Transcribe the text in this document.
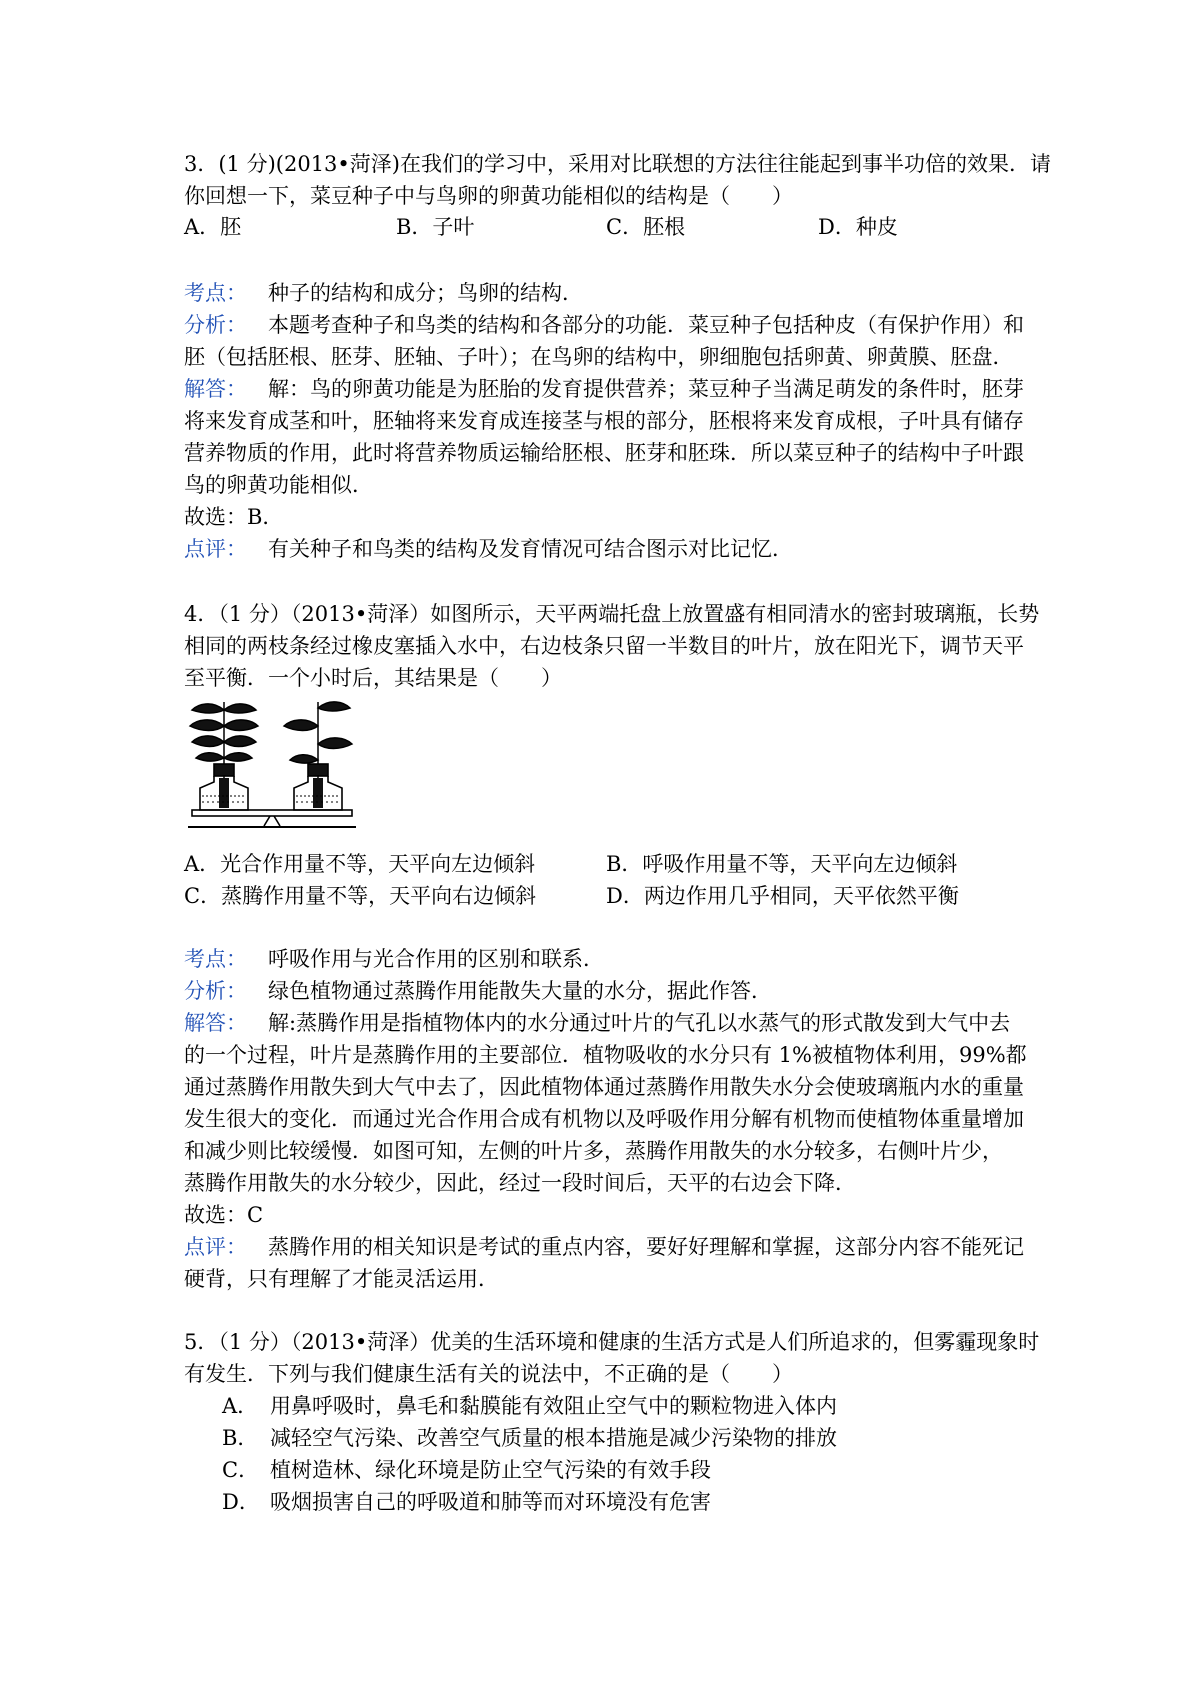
3．(1 分)(2013•菏泽)在我们的学习中，采用对比联想的方法往往能起到事半功倍的效果．请
你回想一下，菜豆种子中与鸟卵的卵黄功能相似的结构是（　　）
A．胚	B．子叶	C．胚根	D．种皮
考点： 种子的结构和成分；鸟卵的结构．
分析： 本题考查种子和鸟类的结构和各部分的功能．菜豆种子包括种皮（有保护作用）和
胚（包括胚根、胚芽、胚轴、子叶）；在鸟卵的结构中，卵细胞包括卵黄、卵黄膜、胚盘．
解答： 解：鸟的卵黄功能是为胚胎的发育提供营养；菜豆种子当满足萌发的条件时，胚芽
将来发育成茎和叶，胚轴将来发育成连接茎与根的部分，胚根将来发育成根，子叶具有储存
营养物质的作用，此时将营养物质运输给胚根、胚芽和胚珠．所以菜豆种子的结构中子叶跟
鸟的卵黄功能相似．
故选：B．
点评： 有关种子和鸟类的结构及发育情况可结合图示对比记忆．
4．（1 分）（2013•菏泽）如图所示，天平两端托盘上放置盛有相同清水的密封玻璃瓶，长势
相同的两枝条经过橡皮塞插入水中，右边枝条只留一半数目的叶片，放在阳光下，调节天平
至平衡．一个小时后，其结果是（　　）
A．光合作用量不等，天平向左边倾斜	B．呼吸作用量不等，天平向左边倾斜
C．蒸腾作用量不等，天平向右边倾斜	D．两边作用几乎相同，天平依然平衡
考点： 呼吸作用与光合作用的区别和联系．
分析： 绿色植物通过蒸腾作用能散失大量的水分，据此作答．
解答： 解:蒸腾作用是指植物体内的水分通过叶片的气孔以水蒸气的形式散发到大气中去
的一个过程，叶片是蒸腾作用的主要部位．植物吸收的水分只有 1%被植物体利用，99%都
通过蒸腾作用散失到大气中去了，因此植物体通过蒸腾作用散失水分会使玻璃瓶内水的重量
发生很大的变化．而通过光合作用合成有机物以及呼吸作用分解有机物而使植物体重量增加
和减少则比较缓慢．如图可知，左侧的叶片多，蒸腾作用散失的水分较多，右侧叶片少，
蒸腾作用散失的水分较少，因此，经过一段时间后，天平的右边会下降．
故选：C
点评： 蒸腾作用的相关知识是考试的重点内容，要好好理解和掌握，这部分内容不能死记
硬背，只有理解了才能灵活运用．
5．（1 分）（2013•菏泽）优美的生活环境和健康的生活方式是人们所追求的，但雾霾现象时
有发生．下列与我们健康生活有关的说法中，不正确的是（　　）
A． 用鼻呼吸时，鼻毛和黏膜能有效阻止空气中的颗粒物进入体内
B． 减轻空气污染、改善空气质量的根本措施是减少污染物的排放
C． 植树造林、绿化环境是防止空气污染的有效手段
D． 吸烟损害自己的呼吸道和肺等而对环境没有危害
